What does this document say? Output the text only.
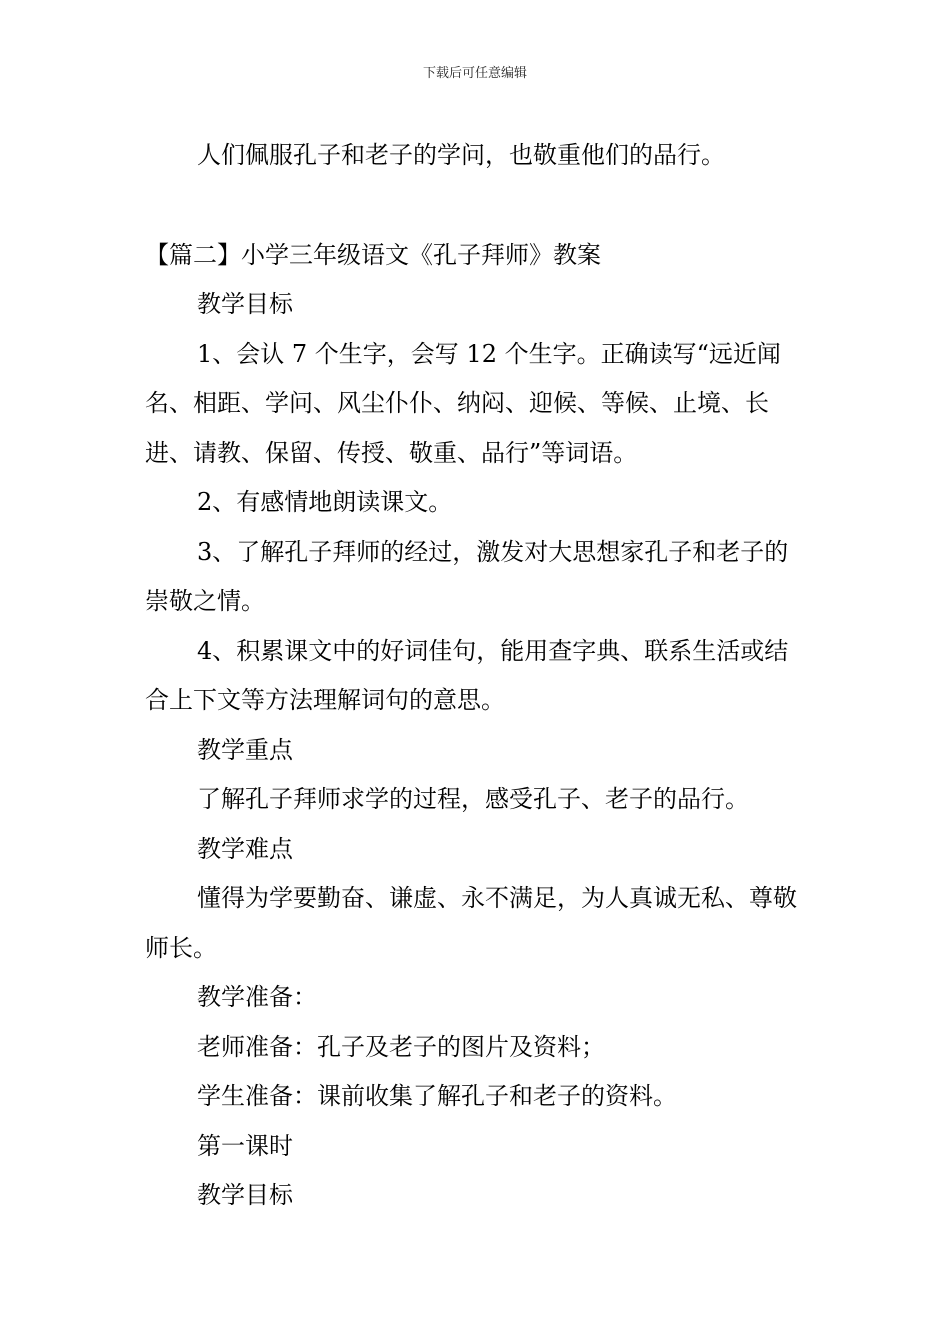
下载后可任意编辑

人们佩服孔子和老子的学问，也敬重他们的品行。

【篇二】小学三年级语文《孔子拜师》教案

教学目标

1、会认 7 个生字，会写 12 个生字。正确读写“远近闻名、相距、学问、风尘仆仆、纳闷、迎候、等候、止境、长进、请教、保留、传授、敬重、品行”等词语。

2、有感情地朗读课文。

3、了解孔子拜师的经过，激发对大思想家孔子和老子的崇敬之情。

4、积累课文中的好词佳句，能用查字典、联系生活或结合上下文等方法理解词句的意思。

教学重点

了解孔子拜师求学的过程，感受孔子、老子的品行。

教学难点

懂得为学要勤奋、谦虚、永不满足，为人真诚无私、尊敬师长。

教学准备：

老师准备：孔子及老子的图片及资料；

学生准备：课前收集了解孔子和老子的资料。

第一课时

教学目标
